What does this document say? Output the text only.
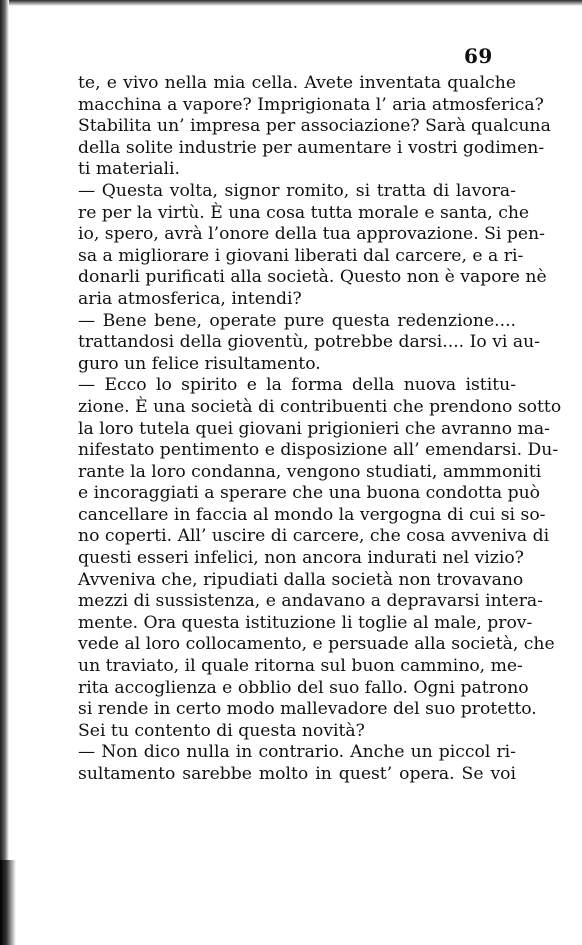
69
te, e vivo nella mia cella. Avete inventata qualche
macchina a vapore? Imprigionata l’ aria atmosferica?
Stabilita un’ impresa per associazione? Sarà qualcuna
della solite industrie per aumentare i vostri godimen-
ti materiali.
— Questa volta, signor romito, si tratta di lavora-
re per la virtù. È una cosa tutta morale e santa, che
io, spero, avrà l’onore della tua approvazione. Si pen-
sa a migliorare i giovani liberati dal carcere, e a ri-
donarli purificati alla società. Questo non è vapore nè
aria atmosferica, intendi?
— Bene bene, operate pure questa redenzione....
trattandosi della gioventù, potrebbe darsi.... Io vi au-
guro un felice risultamento.
— Ecco lo spirito e la forma della nuova istitu-
zione. È una società di contribuenti che prendono sotto
la loro tutela quei giovani prigionieri che avranno ma-
nifestato pentimento e disposizione all’ emendarsi. Du-
rante la loro condanna, vengono studiati, ammmoniti
e incoraggiati a sperare che una buona condotta può
cancellare in faccia al mondo la vergogna di cui si so-
no coperti. All’ uscire di carcere, che cosa avveniva di
questi esseri infelici, non ancora indurati nel vizio?
Avveniva che, ripudiati dalla società non trovavano
mezzi di sussistenza, e andavano a depravarsi intera-
mente. Ora questa istituzione li toglie al male, prov-
vede al loro collocamento, e persuade alla società, che
un traviato, il quale ritorna sul buon cammino, me-
rita accoglienza e obblio del suo fallo. Ogni patrono
si rende in certo modo mallevadore del suo protetto.
Sei tu contento di questa novità?
— Non dico nulla in contrario. Anche un piccol ri-
sultamento sarebbe molto in quest’ opera. Se voi
